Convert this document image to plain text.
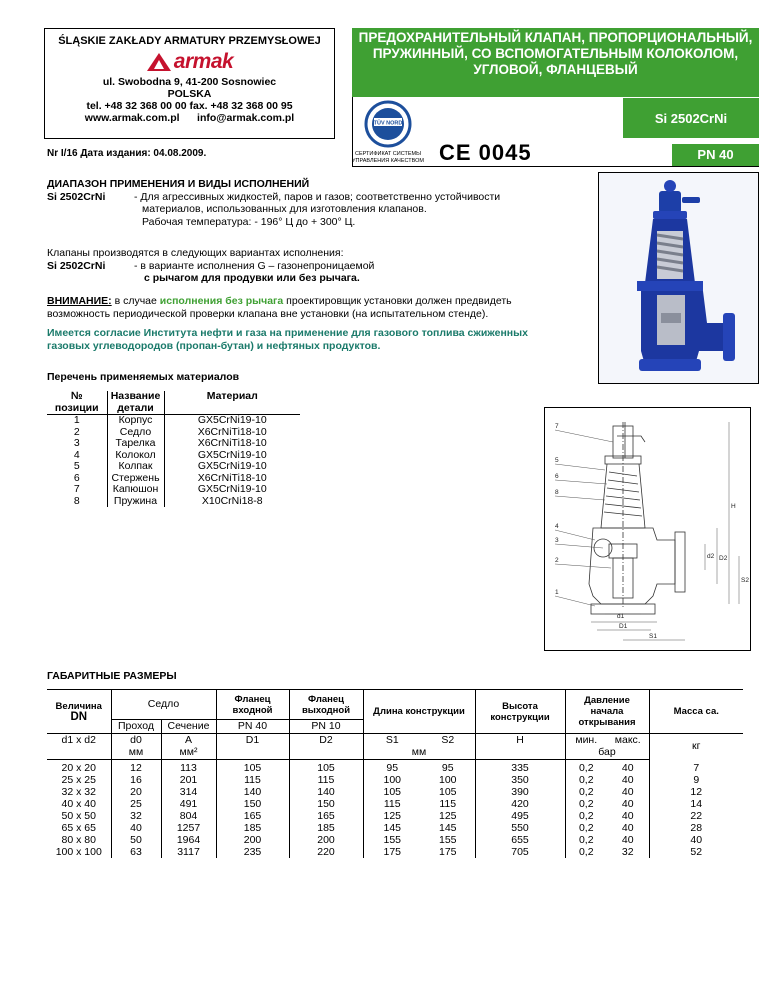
ŚLĄSKIE ZAKŁADY ARMATURY PRZEMYSŁOWEJ
armak
ul. Swobodna 9, 41-200 Sosnowiec
POLSKA
tel. +48 32 368 00 00 fax. +48 32 368 00 95
www.armak.com.pl      info@armak.com.pl
ПРЕДОХРАНИТЕЛЬНЫЙ КЛАПАН, ПРОПОРЦИОНАЛЬНЫЙ, ПРУЖИННЫЙ, СО ВСПОМОГАТЕЛЬНЫМ КОЛОКОЛОМ, УГЛОВОЙ, ФЛАНЦЕВЫЙ
Si 2502CrNi
PN 40
TÜV NORD
СЕРТИФИКАТ СИСТЕМЫ УПРАВЛЕНИЯ КАЧЕСТВОМ CE 0045
Nr I/16 Дата издания: 04.08.2009.
ДИАПАЗОН ПРИМЕНЕНИЯ И ВИДЫ ИСПОЛНЕНИЙ
Si 2502CrNi	- Для агрессивных жидкостей, паров и газов; соответственно устойчивости
материалов, использованных для изготовления клапанов.
Рабочая температура: - 196° Ц до + 300° Ц.
Клапаны производятся в следующих вариантах исполнения:
Si 2502CrNi	- в варианте исполнения G – газонепроницаемой
с рычагом для продувки или без рычага.
ВНИМАНИЕ: в случае исполнения без рычага проектировщик установки должен предвидеть
возможность периодической проверки клапана вне установки (на испытательном стенде).
Имеется согласие Института нефти и газа на применение для газового топлива сжиженных
газовых углеводородов (пропан-бутан) и нефтяных продуктов.
Перечень применяемых материалов
№ позиции	Название детали	Материал
1	Корпус	GX5CrNi19-10
2	Седло	X6CrNiTi18-10
3	Тарелка	X6CrNiTi18-10
4	Колокол	GX5CrNi19-10
5	Колпак	GX5CrNi19-10
6	Стержень	X6CrNiTi18-10
7	Капюшон	GX5CrNi19-10
8	Пружина	X10CrNi18-8
7
5
6
8
4
3
2
1
d1
D1
S1
H
D2
d2
S2
ГАБАРИТНЫЕ РАЗМЕРЫ
Величина
DN	Седло		Фланец входной	Фланец выходной	Длина конструкции		Высота конструкции	Давление начала открывания		Масса са.
	Проход	Сечение	PN 40	PN 10						
d1 x d2	d0	A	D1	D2	S1	S2	H	мин.	макс.	кг
	мм	мм²			мм			бар		
20 x 20	12	113	105	105	95	95	335	0,2	40	7
25 x 25	16	201	115	115	100	100	350	0,2	40	9
32 x 32	20	314	140	140	105	105	390	0,2	40	12
40 x 40	25	491	150	150	115	115	420	0,2	40	14
50 x 50	32	804	165	165	125	125	495	0,2	40	22
65 x 65	40	1257	185	185	145	145	550	0,2	40	28
80 x 80	50	1964	200	200	155	155	655	0,2	40	40
100 x 100	63	3117	235	220	175	175	705	0,2	32	52
